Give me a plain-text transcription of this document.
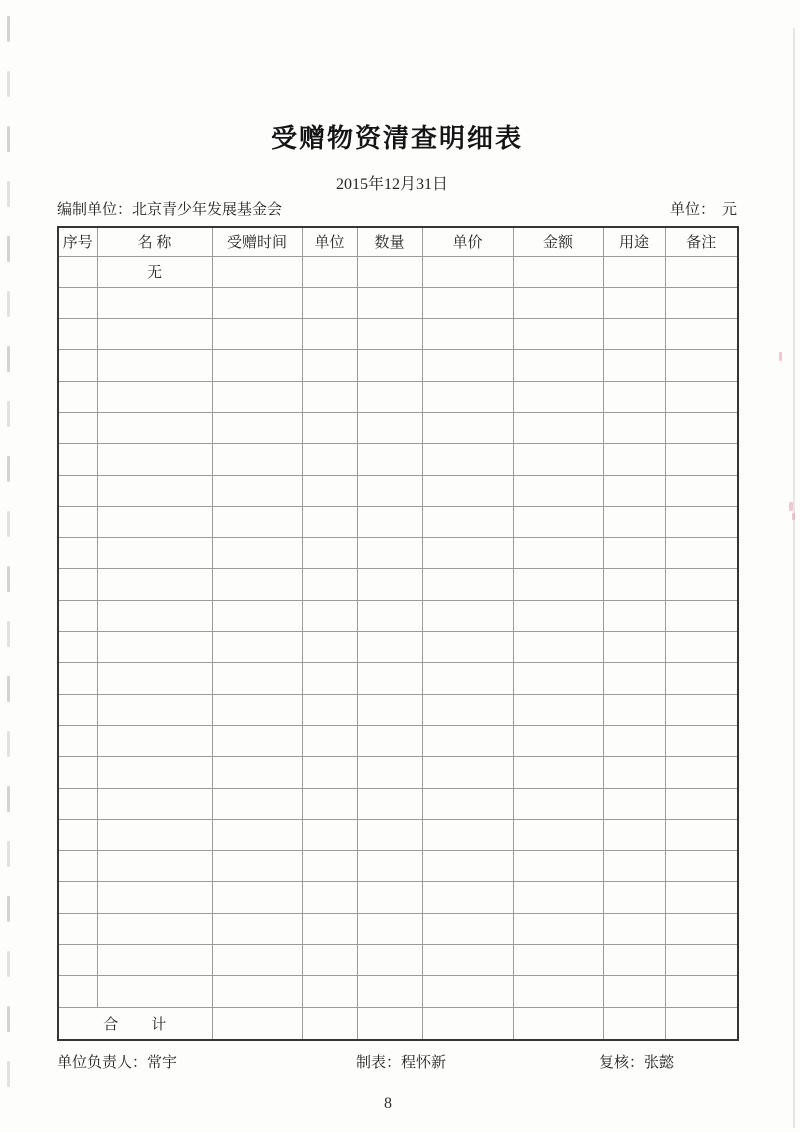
受赠物资清查明细表
2015年12月31日
编制单位：北京青少年发展基金会	单位： 元
序号	名 称	受赠时间	单位	数量	单价	金额	用途	备注
	无							

合　　计								
单位负责人：常宇	制表：程怀新	复核：张懿
8
